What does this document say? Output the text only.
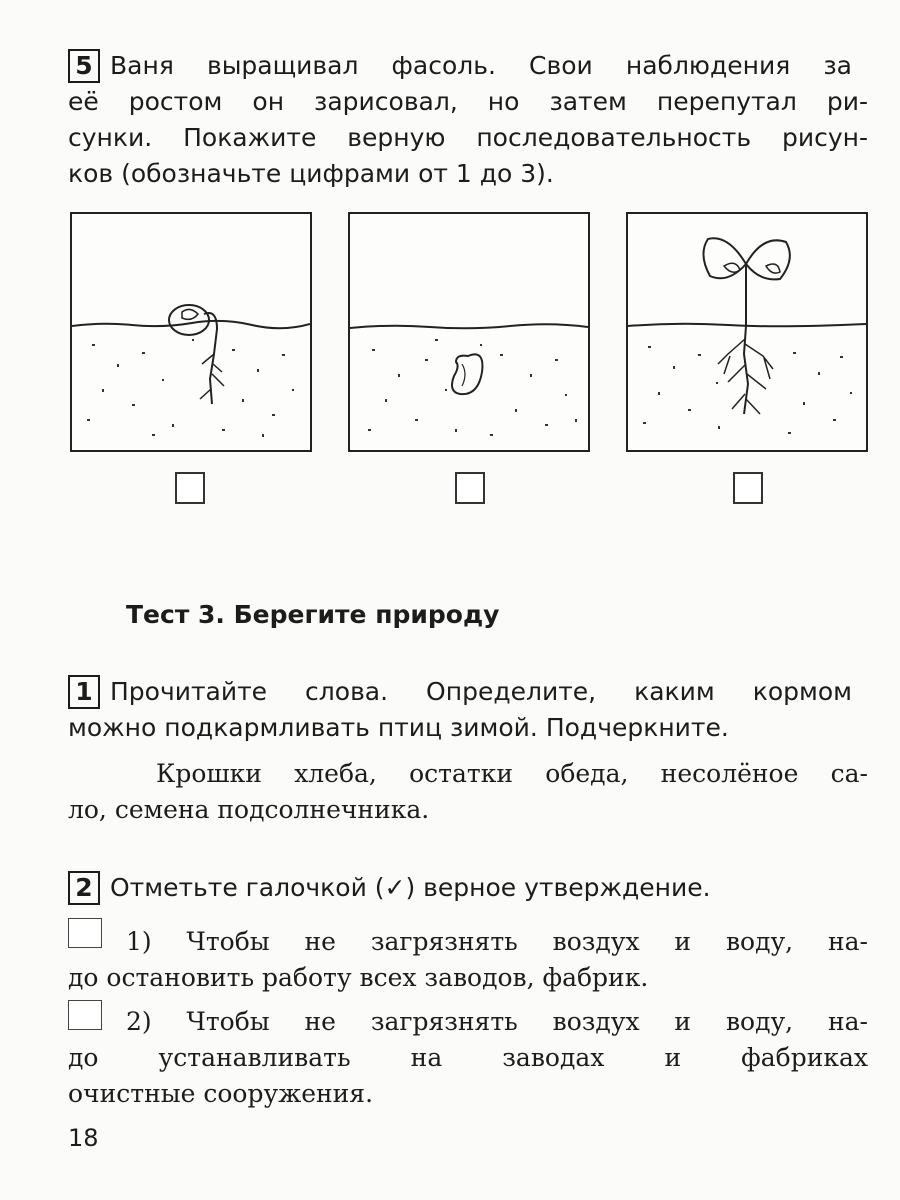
5 Ваня выращивал фасоль. Свои наблюдения за
её ростом он зарисовал, но затем перепутал ри-
сунки. Покажите верную последовательность рисун-
ков (обозначьте цифрами от 1 до 3).
Тест 3. Берегите природу
1 Прочитайте слова. Определите, каким кормом
можно подкармливать птиц зимой. Подчеркните.
Крошки хлеба, остатки обеда, несолёное са-
ло, семена подсолнечника.
2 Отметьте галочкой (✓) верное утверждение.
1) Чтобы не загрязнять воздух и воду, на-
до остановить работу всех заводов, фабрик.
2) Чтобы не загрязнять воздух и воду, на-
до устанавливать на заводах и фабриках
очистные сооружения.
18
